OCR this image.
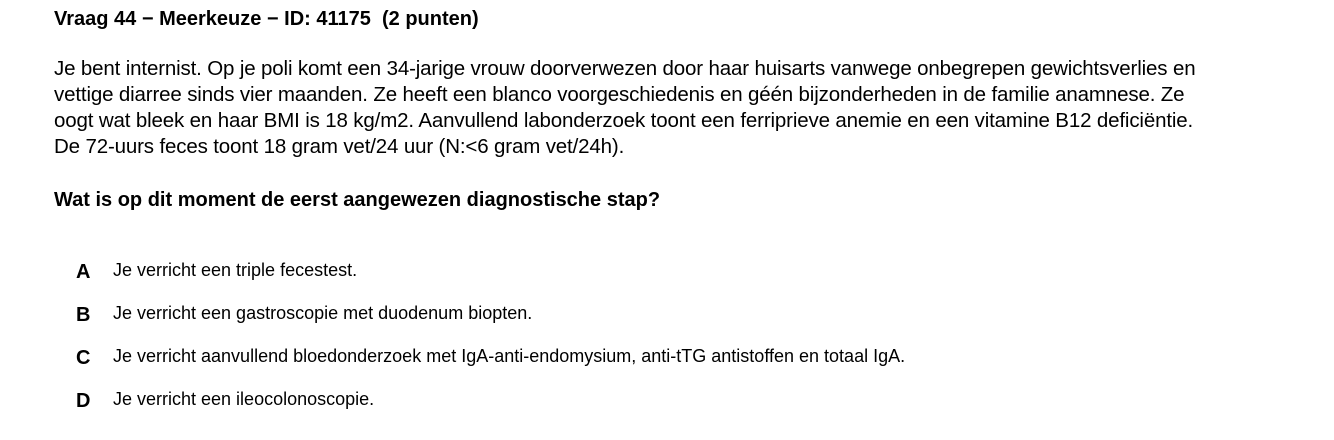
Vraag 44 − Meerkeuze − ID: 41175  (2 punten)
Je bent internist. Op je poli komt een 34-jarige vrouw doorverwezen door haar huisarts vanwege onbegrepen gewichtsverlies en
vettige diarree sinds vier maanden. Ze heeft een blanco voorgeschiedenis en géén bijzonderheden in de familie anamnese. Ze
oogt wat bleek en haar BMI is 18 kg/m2. Aanvullend labonderzoek toont een ferriprieve anemie en een vitamine B12 deficiëntie.
De 72-uurs feces toont 18 gram vet/24 uur (N:<6 gram vet/24h).
Wat is op dit moment de eerst aangewezen diagnostische stap?
A	Je verricht een triple fecestest.
B	Je verricht een gastroscopie met duodenum biopten.
C	Je verricht aanvullend bloedonderzoek met IgA-anti-endomysium, anti-tTG antistoffen en totaal IgA.
D	Je verricht een ileocolonoscopie.
